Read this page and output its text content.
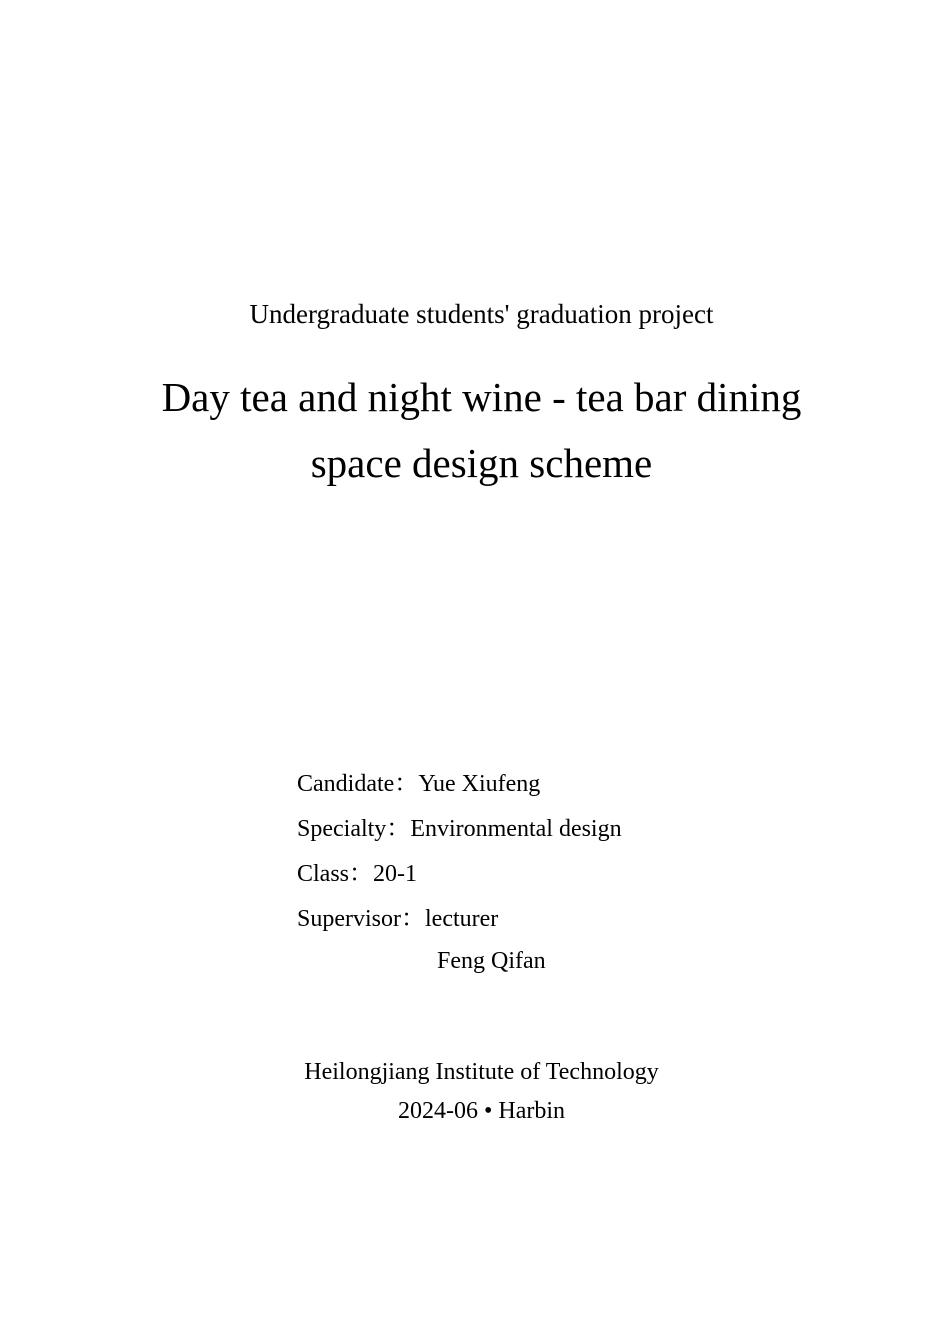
Undergraduate students' graduation project
Day tea and night wine - tea bar dining
space design scheme
Candidate：Yue Xiufeng
Specialty：Environmental design
Class：20-1
Supervisor：lecturer
Feng Qifan
Heilongjiang Institute of Technology
2024-06 • Harbin
